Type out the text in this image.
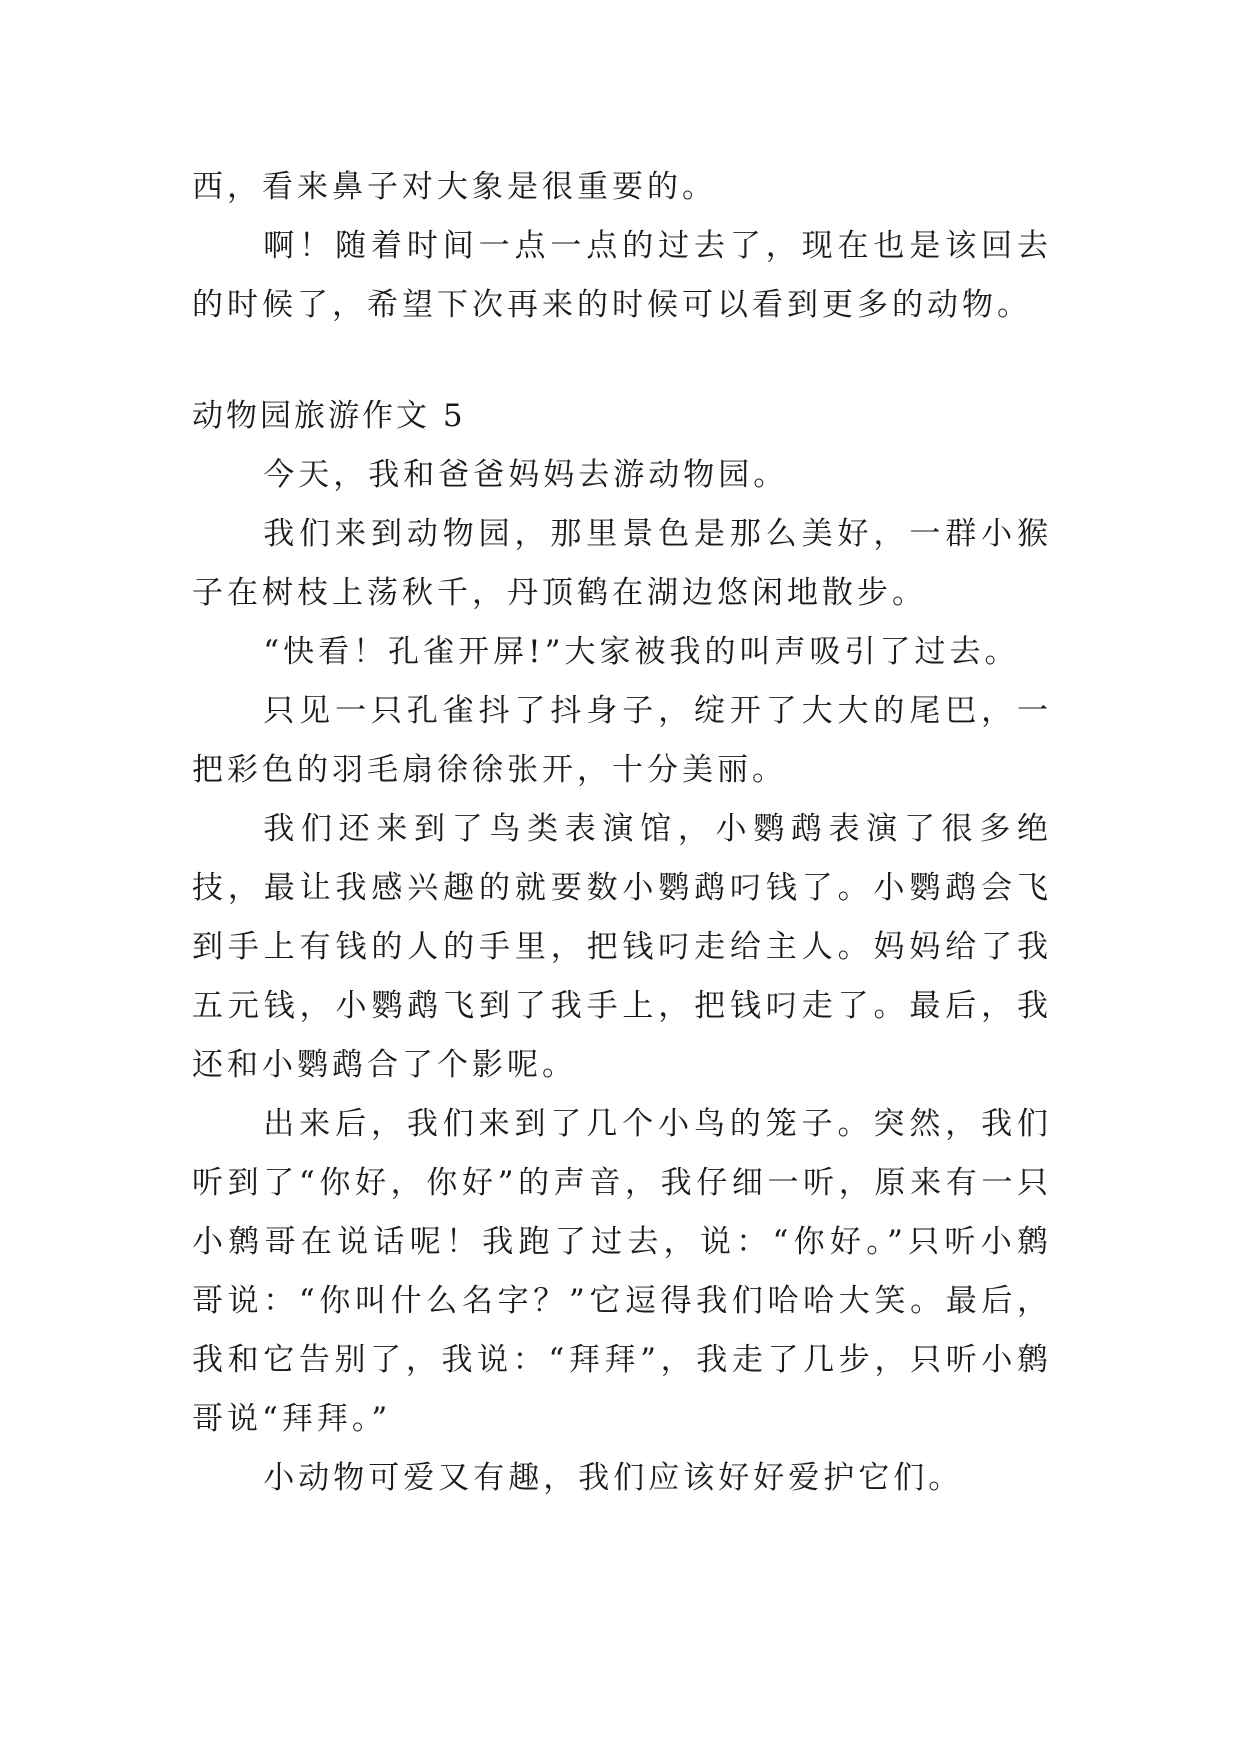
西，看来鼻子对大象是很重要的。

啊！随着时间一点一点的过去了，现在也是该回去的时候了，希望下次再来的时候可以看到更多的动物。

动物园旅游作文 5

今天，我和爸爸妈妈去游动物园。

我们来到动物园，那里景色是那么美好，一群小猴子在树枝上荡秋千，丹顶鹤在湖边悠闲地散步。

“快看！孔雀开屏!”大家被我的叫声吸引了过去。

只见一只孔雀抖了抖身子，绽开了大大的尾巴，一把彩色的羽毛扇徐徐张开，十分美丽。

我们还来到了鸟类表演馆，小鹦鹉表演了很多绝技，最让我感兴趣的就要数小鹦鹉叼钱了。小鹦鹉会飞到手上有钱的人的手里，把钱叼走给主人。妈妈给了我五元钱，小鹦鹉飞到了我手上，把钱叼走了。最后，我还和小鹦鹉合了个影呢。

出来后，我们来到了几个小鸟的笼子。突然，我们听到了“你好，你好”的声音，我仔细一听，原来有一只小鹩哥在说话呢！我跑了过去，说：“你好。”只听小鹩哥说：“你叫什么名字？”它逗得我们哈哈大笑。最后，我和它告别了，我说：“拜拜”，我走了几步，只听小鹩哥说“拜拜。”

小动物可爱又有趣，我们应该好好爱护它们。
